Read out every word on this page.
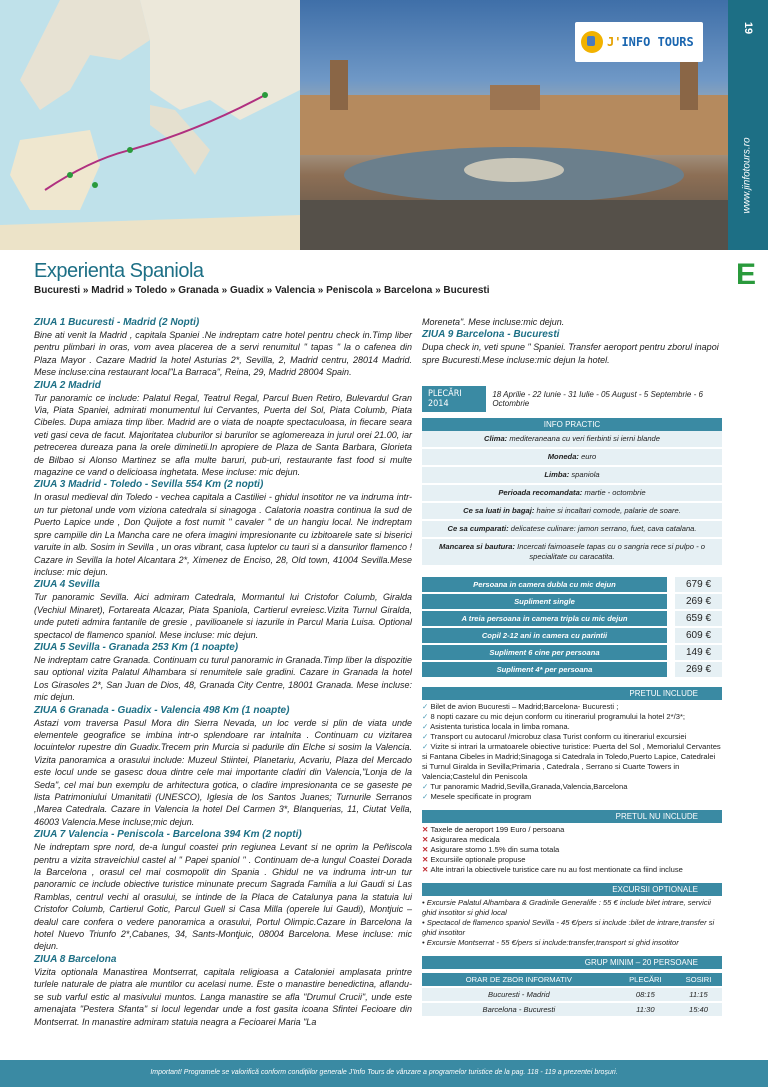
J'INFO TOURS
19
www.jinfotours.ro
Experienta Spaniola
Bucuresti » Madrid » Toledo » Granada » Guadix » Valencia » Peniscola » Barcelona » Bucuresti	E
ZIUA 1 Bucuresti - Madrid (2 Nopti)
Bine ati venit la Madrid , capitala Spaniei .Ne indreptam catre hotel pentru check in.Timp liber pentru plimbari in oras, vom avea placerea de a servi renumitul " tapas " la o cafenea din Plaza Mayor . Cazare Madrid la hotel Asturias 2*, Sevilla, 2, Madrid centru, 28014 Madrid. Mese incluse:cina restaurant local"La Barraca", Reina, 29, Madrid 28004 Spain.
ZIUA 2 Madrid
Tur panoramic ce include: Palatul Regal, Teatrul Regal, Parcul Buen Retiro, Bulevardul Gran Via, Piata Spaniei, admirati monumentul lui Cervantes, Puerta del Sol, Piata Columb, Piata Cibeles. Dupa amiaza timp liber. Madrid are o viata de noapte spectaculoasa, in fiecare seara veti gasi ceva de facut. Majoritatea cluburilor si barurilor se aglomereaza in jurul orei 21.00, iar petrecerea dureaza pana la orele diminetii.In apropiere de Plaza de Santa Barbara, Glorieta de Bilbao si Alonso Martinez se afla multe baruri, pub-uri, restaurante fast food si multe magazine ce vand o delicioasa inghetata. Mese incluse: mic dejun.
ZIUA 3 Madrid - Toledo - Sevilla 554 Km (2 nopti)
In orasul medieval din Toledo - vechea capitala a Castiliei - ghidul insotitor ne va indruma intr-un tur pietonal unde vom viziona catedrala si sinagoga . Calatoria noastra continua la sud de Puerto Lapice unde , Don Quijote a fost numit " cavaler " de un hangiu local. Ne indreptam spre campiile din La Mancha care ne ofera imagini impresionante cu izbitoarele sate si biserici varuite in alb. Sosim in Sevilla , un oras vibrant, casa luptelor cu tauri si a dansurilor flamenco ! Cazare in Sevilla la hotel Alcantara 2*, Ximenez de Enciso, 28, Old town, 41004 Sevilla.Mese incluse: mic dejun.
ZIUA 4 Sevilla
Tur panoramic Sevilla. Aici admiram Catedrala, Mormantul lui Cristofor Columb, Giralda (Vechiul Minaret), Fortareata Alcazar, Piata Spaniola, Cartierul evreiesc.Vizita Turnul Giralda, unde puteti admira fantanile de gresie , pavilioanele si iazurile in Parcul Maria Luisa. Optional spectacol de flamenco spaniol. Mese incluse: mic dejun.
ZIUA 5 Sevilla - Granada 253 Km (1 noapte)
Ne indreptam catre Granada. Continuam cu turul panoramic in Granada.Timp liber la dispozitie sau optional vizita Palatul Alhambara si renumitele sale gradini. Cazare in Granada la hotel Los Girasoles 2*, San Juan de Dios, 48, Granada City Centre, 18001 Granada. Mese incluse: mic dejun.
ZIUA 6 Granada - Guadix - Valencia 498 Km (1 noapte)
Astazi vom traversa Pasul Mora din Sierra Nevada, un loc verde si plin de viata unde elementele geografice se imbina intr-o splendoare rar intalnita . Continuam cu vizitarea locuintelor rupestre din Guadix.Trecem prin Murcia si padurile din Elche si sosim la Valencia. Vizita panoramica a orasului include: Muzeul Stiintei, Planetariu, Acvariu, Plaza del Mercado este locul unde se gasesc doua dintre cele mai importante cladiri din Valencia,"Lonja de la Seda", cel mai bun exemplu de arhitectura gotica, o cladire impresionanta ce se gaseste pe lista Patrimoniului Umanitatii (UNESCO), Iglesia de los Santos Juanes; Turnurile Serranos ,Marea Catedrala. Cazare in Valencia la hotel Del Carmen 3*, Blanquerias, 11, Ciutat Vella, 46003 Valencia.Mese incluse;mic dejun.
ZIUA 7 Valencia - Peniscola - Barcelona 394 Km (2 nopti)
Ne indreptam spre nord, de-a lungul coastei prin regiunea Levant si ne oprim la Peñiscola pentru a vizita straveichiul castel al " Papei spaniol " . Continuam de-a lungul Coastei Dorada la Barcelona , orasul cel mai cosmopolit din Spania . Ghidul ne va indruma intr-un tur panoramic ce include obiective turistice minunate precum Sagrada Familia a lui Gaudi si Las Ramblas, centrul vechi al orasului, se intinde de la Placa de Catalunya pana la statuia lui Cristofor Columb, Cartierul Gotic, Parcul Guell si Casa Milla (operele lui Gaudi), Montjuic – dealul care confera o vedere panoramica a orasului, Portul Olimpic.Cazare in Barcelona la hotel Nuevo Triunfo 2*,Cabanes, 34, Sants-Montjuic, 08004 Barcelona. Mese incluse: mic dejun.
ZIUA 8 Barcelona
Vizita optionala Manastirea Montserrat, capitala religioasa a Cataloniei amplasata printre turlele naturale de piatra ale muntilor cu acelasi nume. Este o manastire benedictina, aflandu-se sub varful estic al masivului muntos. Langa manastire se afla "Drumul Crucii", unde este amenajata "Pestera Sfanta" si locul legendar unde a fost gasita icoana Sfintei Fecioare din Montserrat. In manastire admiram statuia neagra a Fecioarei Maria "La
Moreneta". Mese incluse:mic dejun.
ZIUA 9 Barcelona - Bucuresti
Dupa check in, veti spune " Spaniei. Transfer aeroport pentru zborul inapoi spre Bucuresti.Mese incluse:mic dejun la hotel.
PLECĂRI 2014
18 Aprilie - 22 Iunie - 31 Iulie - 05 August - 5 Septembrie - 6 Octombrie
INFO PRACTIC
Clima: mediteraneana cu veri fierbinti si ierni blande
Moneda: euro
Limba: spaniola
Perioada recomandata: martie - octombrie
Ce sa luati in bagaj: haine si incaltari comode, palarie de soare.
Ce sa cumparati: delicatese culinare: jamon serrano, fuet, cava catalana.
Mancarea si bautura: Incercati faimoasele tapas cu o sangria rece si pulpo - o specialitate cu caracatita.
Persoana in camera dubla cu mic dejun		679 €
Supliment single		269 €
A treia persoana in camera tripla cu mic dejun		659 €
Copil 2-12 ani in camera cu parintii		609 €
Supliment 6 cine per persoana		149 €
Supliment 4* per persoana		269 €
PRETUL INCLUDE
✓ Bilet de avion Bucuresti – Madrid;Barcelona- Bucuresti ;
✓ 8 nopti cazare cu mic dejun conform cu itinerariul programului la hotel 2*/3*;
✓ Asistenta turistica locala in limba romana.
✓ Transport cu autocarul /microbuz clasa Turist conform cu itinerariul excursiei
✓ Vizite si intrari la urmatoarele obiective turistice: Puerta del Sol , Memorialul Cervantes si Fantana Cibeles in Madrid;Sinagoga si Catedrala in Toledo,Puerto Lapice, Catedralei si Turnul Giralda in Sevilla;Primaria , Catedrala , Serrano si Cuarte Towers in Valencia;Castelul din Peniscola
✓ Tur panoramic Madrid,Sevilla,Granada,Valencia,Barcelona
✓ Mesele specificate in program
PRETUL NU INCLUDE
✕ Taxele de aeroport 199 Euro / persoana
✕ Asigurarea medicala
✕ Asigurare storno 1.5% din suma totala
✕ Excursiile optionale propuse
✕ Alte intrari la obiectivele turistice care nu au fost mentionate ca fiind incluse
EXCURSII OPTIONALE
• Excursie Palatul Alhambara & Gradinile Generalife : 55 € include bilet intrare, servicii ghid insotitor si ghid local
• Spectacol de flamenco spaniol Sevilla - 45 €/pers si include :bilet de intrare,transfer si ghid insotitor
• Excursie Montserrat - 55 €/pers si include:transfer,transport si ghid insotitor
GRUP MINIM – 20 PERSOANE
ORAR DE ZBOR INFORMATIV	PLECĂRI	SOSIRI
Bucuresti - Madrid	08:15	11:15
Barcelona - Bucuresti	11:30	15:40
Important! Programele se valorifică conform condițiilor generale J'Info Tours de vânzare a programelor turistice de la pag. 118 - 119 a prezentei broșuri.
